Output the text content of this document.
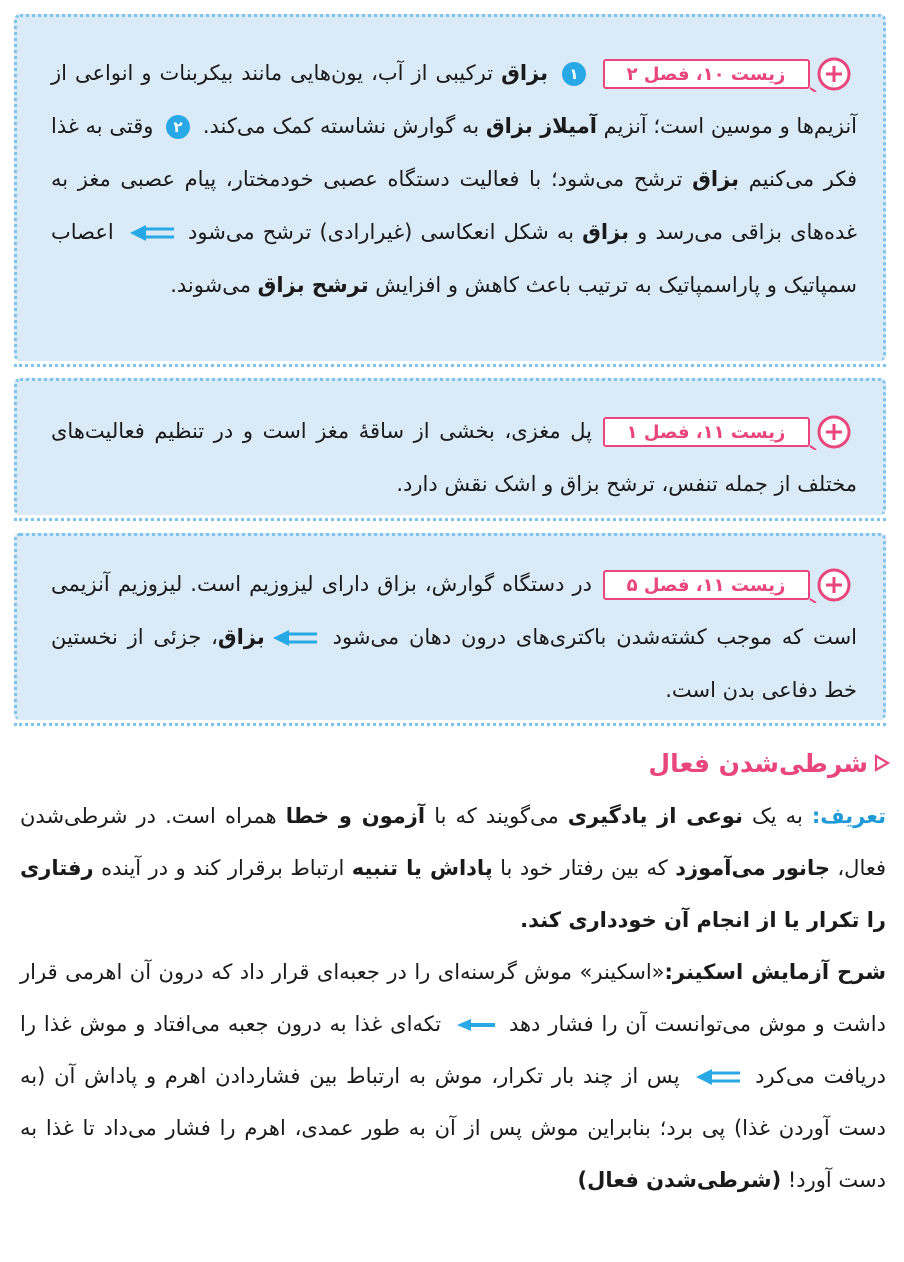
زیست ۱۰، فصل ۲
۱ بزاق ترکیبی از آب، یون‌هایی مانند بیکربنات و انواعی از آنزیم‌ها و موسین است؛ آنزیم آمیلاز بزاق به گوارش نشاسته کمک می‌کند. ۲ وقتی به غذا فکر می‌کنیم بزاق ترشح می‌شود؛ با فعالیت دستگاه عصبی خودمختار، پیام عصبی مغز به غده‌های بزاقی می‌رسد و بزاق به شکل انعکاسی (غیرارادی) ترشح می‌شود  اعصاب سمپاتیک و پاراسمپاتیک به ترتیب باعث کاهش و افزایش ترشح بزاق می‌شوند.

زیست ۱۱، فصل ۱
پل مغزی، بخشی از ساقهٔ مغز است و در تنظیم فعالیت‌های مختلف از جمله تنفس، ترشح بزاق و اشک نقش دارد.

زیست ۱۱، فصل ۵
در دستگاه گوارش، بزاق دارای لیزوزیم است. لیزوزیم آنزیمی است که موجب کشته‌شدن باکتری‌های درون دهان می‌شود بزاق، جزئی از نخستین خط دفاعی بدن است.

شرطی‌شدن فعال

تعریف: به یک نوعی از یادگیری می‌گویند که با آزمون و خطا همراه است. در شرطی‌شدن فعال، جانور می‌آموزد که بین رفتار خود با پاداش یا تنبیه ارتباط برقرار کند و در آینده رفتاری را تکرار یا از انجام آن خودداری کند.
شرح آزمایش اسکینر:«اسکینر» موش گرسنه‌ای را در جعبه‌ای قرار داد که درون آن اهرمی قرار داشت و موش می‌توانست آن را فشار دهد  تکه‌ای غذا به درون جعبه می‌افتاد و موش غذا را دریافت می‌کرد  پس از چند بار تکرار، موش به ارتباط بین فشاردادن اهرم و پاداش آن (به دست آوردن غذا) پی برد؛ بنابراین موش پس از آن به طور عمدی، اهرم را فشار می‌داد تا غذا به دست آورد! (شرطی‌شدن فعال)
